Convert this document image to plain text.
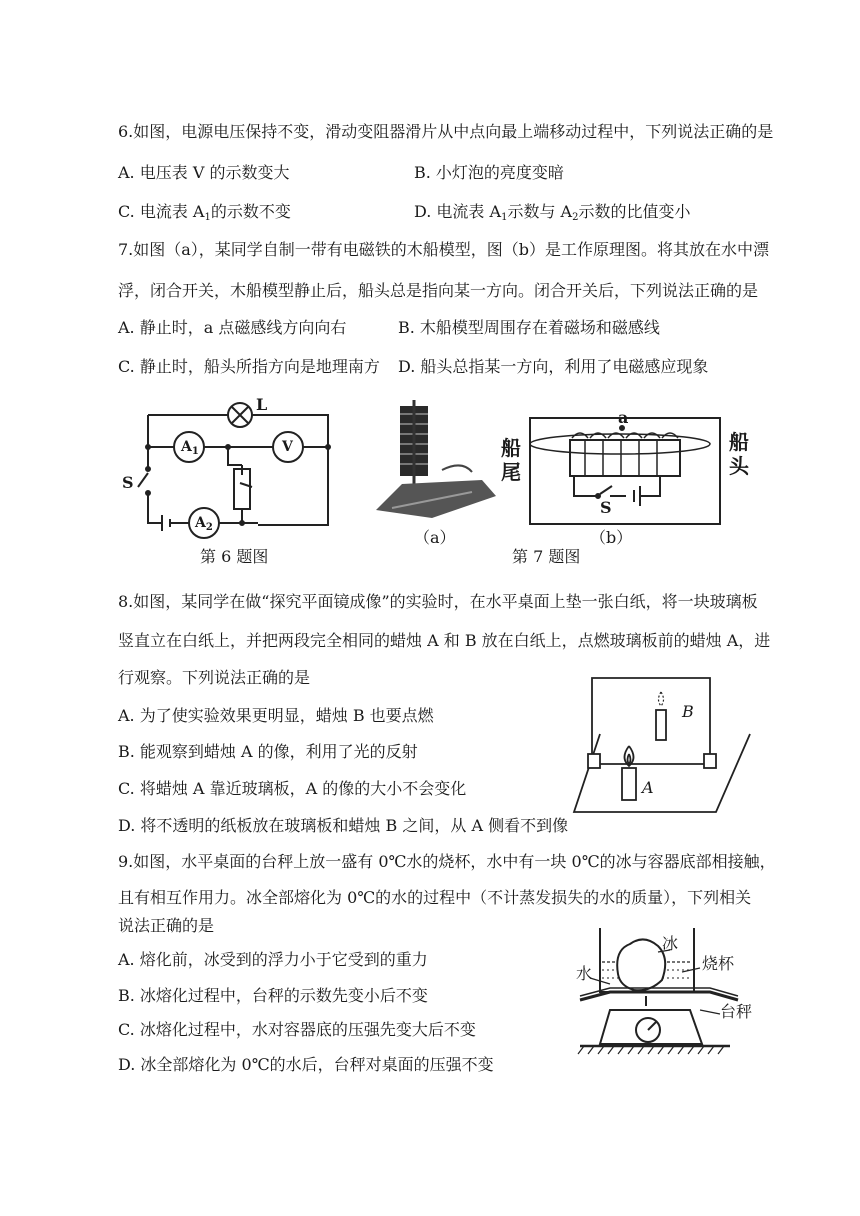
6.如图，电源电压保持不变，滑动变阻器滑片从中点向最上端移动过程中，下列说法正确的是
A. 电压表 V 的示数变大	B. 小灯泡的亮度变暗
C. 电流表 $A_1$的示数不变	D. 电流表 $A_1$示数与 $A_2$示数的比值变小
7.如图（a），某同学自制一带有电磁铁的木船模型，图（b）是工作原理图。将其放在水中漂
浮，闭合开关，木船模型静止后，船头总是指向某一方向。闭合开关后，下列说法正确的是
A. 静止时，a 点磁感线方向向右	B. 木船模型周围存在着磁场和磁感线
C. 静止时，船头所指方向是地理南方 D. 船头总指某一方向，利用了电磁感应现象
L
$A_1$	V
$A_2$
S
第 6 题图
（a）
a
S
船尾
船头
（b）
第 7 题图
8.如图，某同学在做“探究平面镜成像”的实验时，在水平桌面上垫一张白纸，将一块玻璃板
竖直立在白纸上，并把两段完全相同的蜡烛 A 和 B 放在白纸上，点燃玻璃板前的蜡烛 A，进
行观察。下列说法正确的是
A. 为了使实验效果更明显，蜡烛 B 也要点燃
B. 能观察到蜡烛 A 的像，利用了光的反射
C. 将蜡烛 A 靠近玻璃板，A 的像的大小不会变化
D. 将不透明的纸板放在玻璃板和蜡烛 B 之间，从 A 侧看不到像
B
A
9.如图，水平桌面的台秤上放一盛有 0℃水的烧杯，水中有一块 0℃的冰与容器底部相接触，
且有相互作用力。冰全部熔化为 0℃的水的过程中（不计蒸发损失的水的质量），下列相关
说法正确的是
A. 熔化前，冰受到的浮力小于它受到的重力
B. 冰熔化过程中，台秤的示数先变小后不变
C. 冰熔化过程中，水对容器底的压强先变大后不变
D. 冰全部熔化为 0℃的水后，台秤对桌面的压强不变
冰
烧杯
水
台秤
